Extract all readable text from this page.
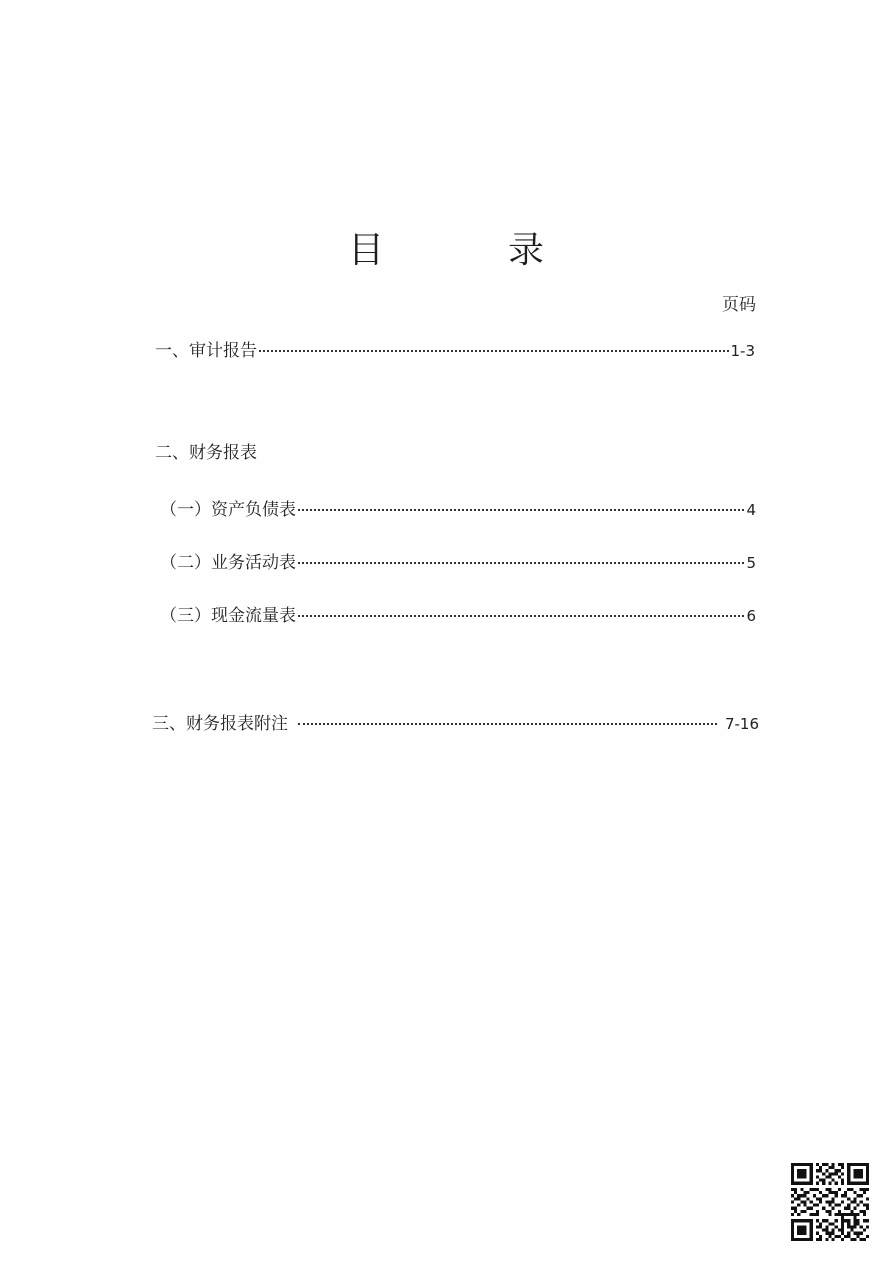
目　录
页码
一、审计报告	1-3
二、财务报表
（一）资产负债表	4
（二）业务活动表	5
（三）现金流量表	6
三、财务报表附注	7-16
